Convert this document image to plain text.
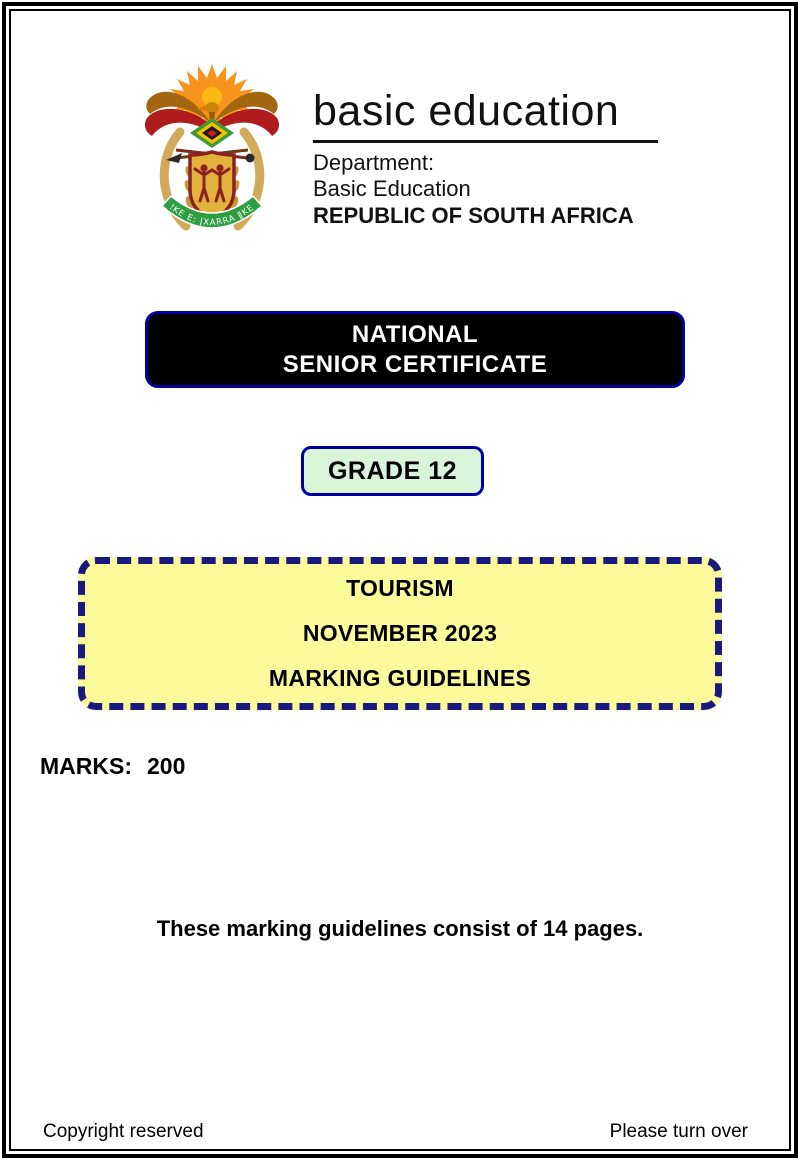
ǃKE E: ǀXARRA ǁKE
basic education
Department:
Basic Education
REPUBLIC OF SOUTH AFRICA
NATIONAL
SENIOR CERTIFICATE
GRADE 12
TOURISM
NOVEMBER 2023
MARKING GUIDELINES
MARKS: 200
These marking guidelines consist of 14 pages.
Copyright reserved	Please turn over
